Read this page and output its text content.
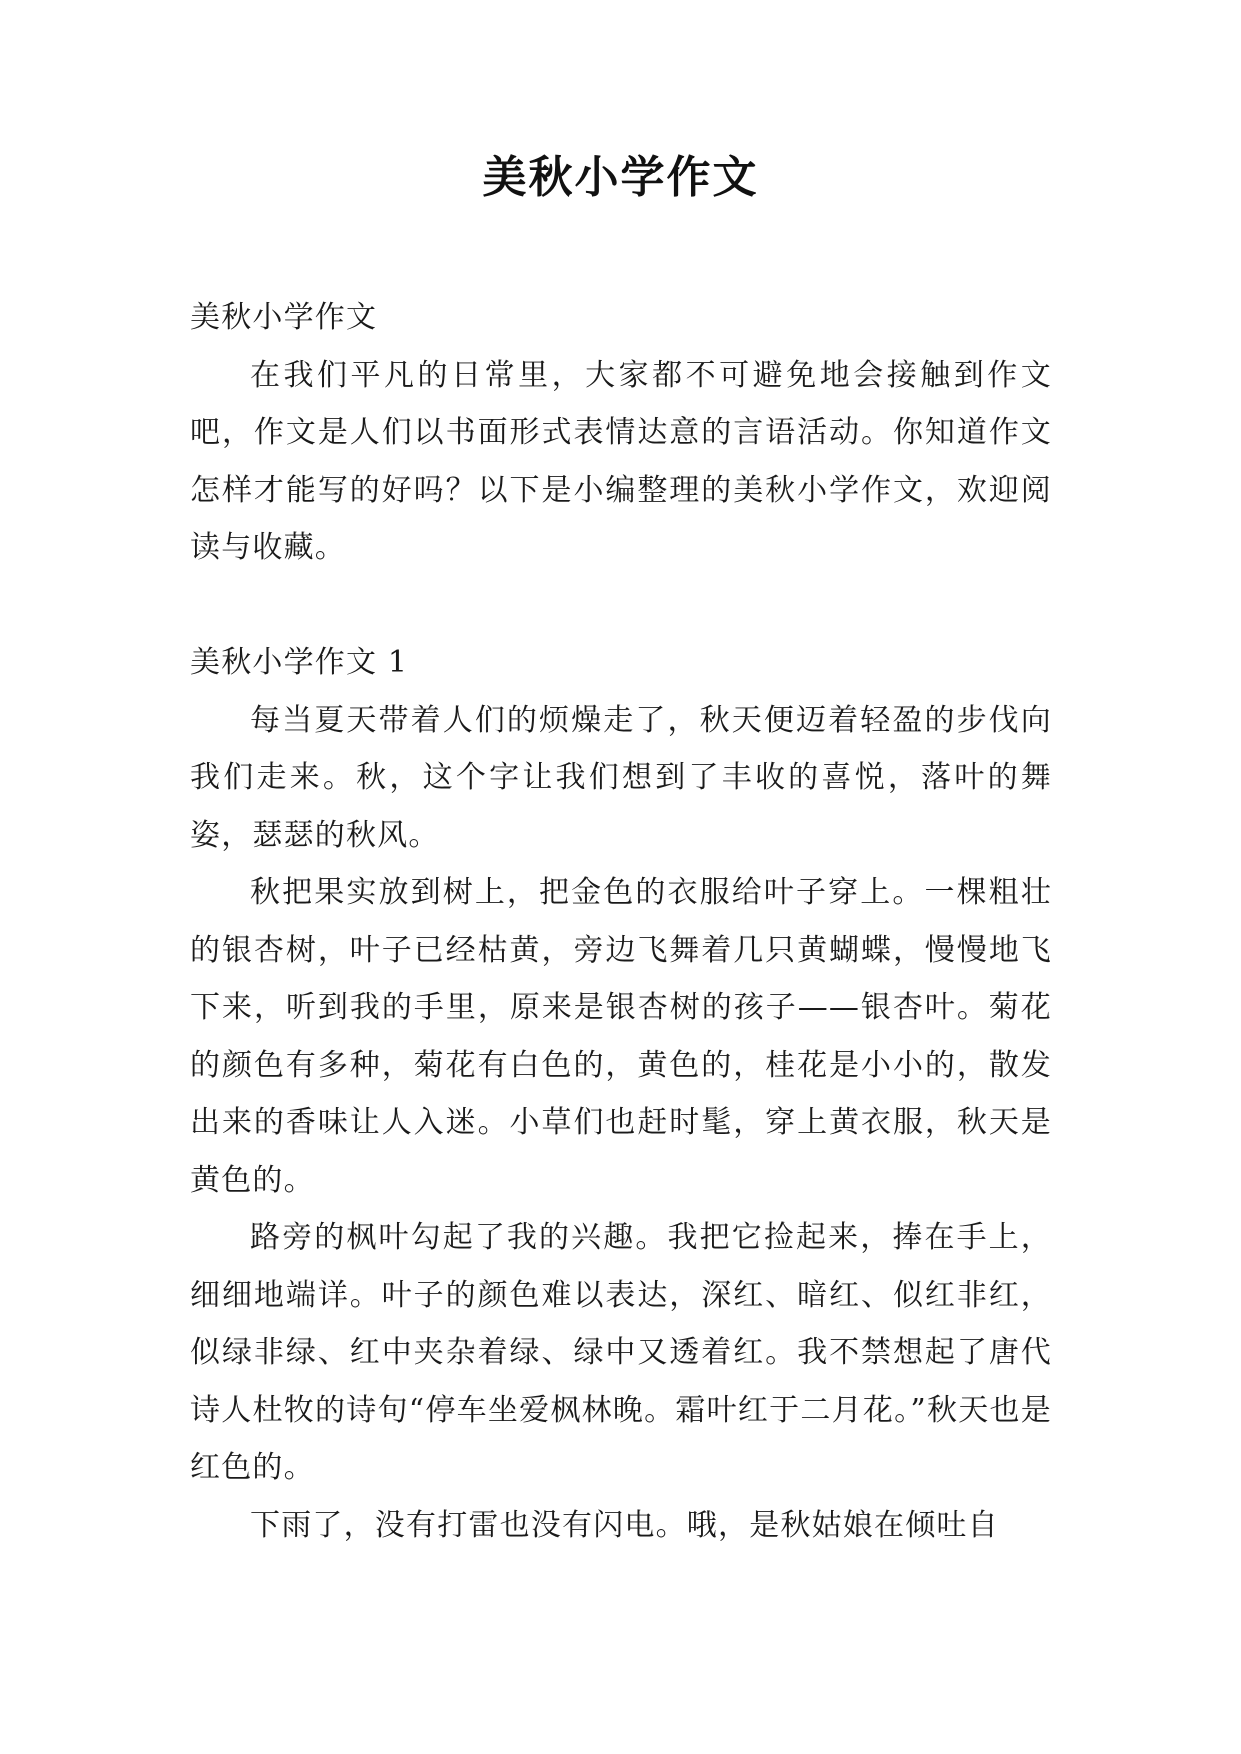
美秋小学作文

美秋小学作文

在我们平凡的日常里，大家都不可避免地会接触到作文吧，作文是人们以书面形式表情达意的言语活动。你知道作文怎样才能写的好吗？以下是小编整理的美秋小学作文，欢迎阅读与收藏。

美秋小学作文 1

每当夏天带着人们的烦燥走了，秋天便迈着轻盈的步伐向我们走来。秋，这个字让我们想到了丰收的喜悦，落叶的舞姿，瑟瑟的秋风。

秋把果实放到树上，把金色的衣服给叶子穿上。一棵粗壮的银杏树，叶子已经枯黄，旁边飞舞着几只黄蝴蝶，慢慢地飞下来，听到我的手里，原来是银杏树的孩子——银杏叶。菊花的颜色有多种，菊花有白色的，黄色的，桂花是小小的，散发出来的香味让人入迷。小草们也赶时髦，穿上黄衣服，秋天是黄色的。

路旁的枫叶勾起了我的兴趣。我把它捡起来，捧在手上，细细地端详。叶子的颜色难以表达，深红、暗红、似红非红，似绿非绿、红中夹杂着绿、绿中又透着红。我不禁想起了唐代诗人杜牧的诗句“停车坐爱枫林晚。霜叶红于二月花。”秋天也是红色的。

下雨了，没有打雷也没有闪电。哦，是秋姑娘在倾吐自
